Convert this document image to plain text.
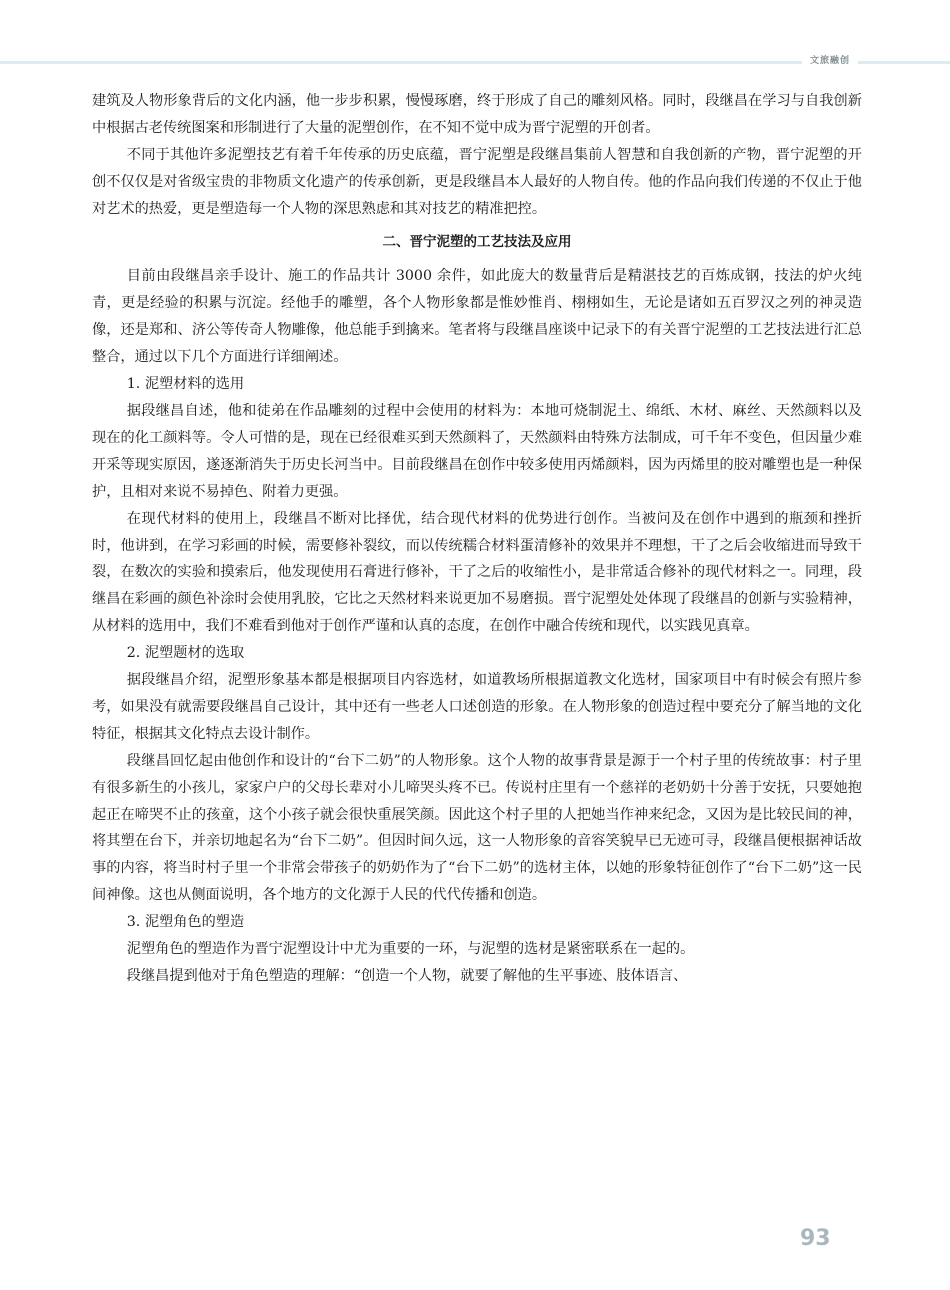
文旅融创

建筑及人物形象背后的文化内涵，他一步步积累，慢慢琢磨，终于形成了自己的雕刻风格。同时，段继昌在学习与自我创新中根据古老传统图案和形制进行了大量的泥塑创作，在不知不觉中成为晋宁泥塑的开创者。

不同于其他许多泥塑技艺有着千年传承的历史底蕴，晋宁泥塑是段继昌集前人智慧和自我创新的产物，晋宁泥塑的开创不仅仅是对省级宝贵的非物质文化遗产的传承创新，更是段继昌本人最好的人物自传。他的作品向我们传递的不仅止于他对艺术的热爱，更是塑造每一个人物的深思熟虑和其对技艺的精准把控。

二、晋宁泥塑的工艺技法及应用

目前由段继昌亲手设计、施工的作品共计 3000 余件，如此庞大的数量背后是精湛技艺的百炼成钢，技法的炉火纯青，更是经验的积累与沉淀。经他手的雕塑，各个人物形象都是惟妙惟肖、栩栩如生，无论是诸如五百罗汉之列的神灵造像，还是郑和、济公等传奇人物雕像，他总能手到擒来。笔者将与段继昌座谈中记录下的有关晋宁泥塑的工艺技法进行汇总整合，通过以下几个方面进行详细阐述。

1. 泥塑材料的选用

据段继昌自述，他和徒弟在作品雕刻的过程中会使用的材料为：本地可烧制泥土、绵纸、木材、麻丝、天然颜料以及现在的化工颜料等。令人可惜的是，现在已经很难买到天然颜料了，天然颜料由特殊方法制成，可千年不变色，但因量少难开采等现实原因，遂逐渐消失于历史长河当中。目前段继昌在创作中较多使用丙烯颜料，因为丙烯里的胶对雕塑也是一种保护，且相对来说不易掉色、附着力更强。

在现代材料的使用上，段继昌不断对比择优，结合现代材料的优势进行创作。当被问及在创作中遇到的瓶颈和挫折时，他讲到，在学习彩画的时候，需要修补裂纹，而以传统糯合材料蛋清修补的效果并不理想，干了之后会收缩进而导致干裂，在数次的实验和摸索后，他发现使用石膏进行修补，干了之后的收缩性小，是非常适合修补的现代材料之一。同理，段继昌在彩画的颜色补涂时会使用乳胶，它比之天然材料来说更加不易磨损。晋宁泥塑处处体现了段继昌的创新与实验精神，从材料的选用中，我们不难看到他对于创作严谨和认真的态度，在创作中融合传统和现代，以实践见真章。

2. 泥塑题材的选取

据段继昌介绍，泥塑形象基本都是根据项目内容选材，如道教场所根据道教文化选材，国家项目中有时候会有照片参考，如果没有就需要段继昌自己设计，其中还有一些老人口述创造的形象。在人物形象的创造过程中要充分了解当地的文化特征，根据其文化特点去设计制作。

段继昌回忆起由他创作和设计的“台下二奶”的人物形象。这个人物的故事背景是源于一个村子里的传统故事：村子里有很多新生的小孩儿，家家户户的父母长辈对小儿啼哭头疼不已。传说村庄里有一个慈祥的老奶奶十分善于安抚，只要她抱起正在啼哭不止的孩童，这个小孩子就会很快重展笑颜。因此这个村子里的人把她当作神来纪念，又因为是比较民间的神，将其塑在台下，并亲切地起名为“台下二奶”。但因时间久远，这一人物形象的音容笑貌早已无迹可寻，段继昌便根据神话故事的内容，将当时村子里一个非常会带孩子的奶奶作为了“台下二奶”的选材主体，以她的形象特征创作了“台下二奶”这一民间神像。这也从侧面说明，各个地方的文化源于人民的代代传播和创造。

3. 泥塑角色的塑造

泥塑角色的塑造作为晋宁泥塑设计中尤为重要的一环，与泥塑的选材是紧密联系在一起的。

段继昌提到他对于角色塑造的理解：“创造一个人物，就要了解他的生平事迹、肢体语言、

93
